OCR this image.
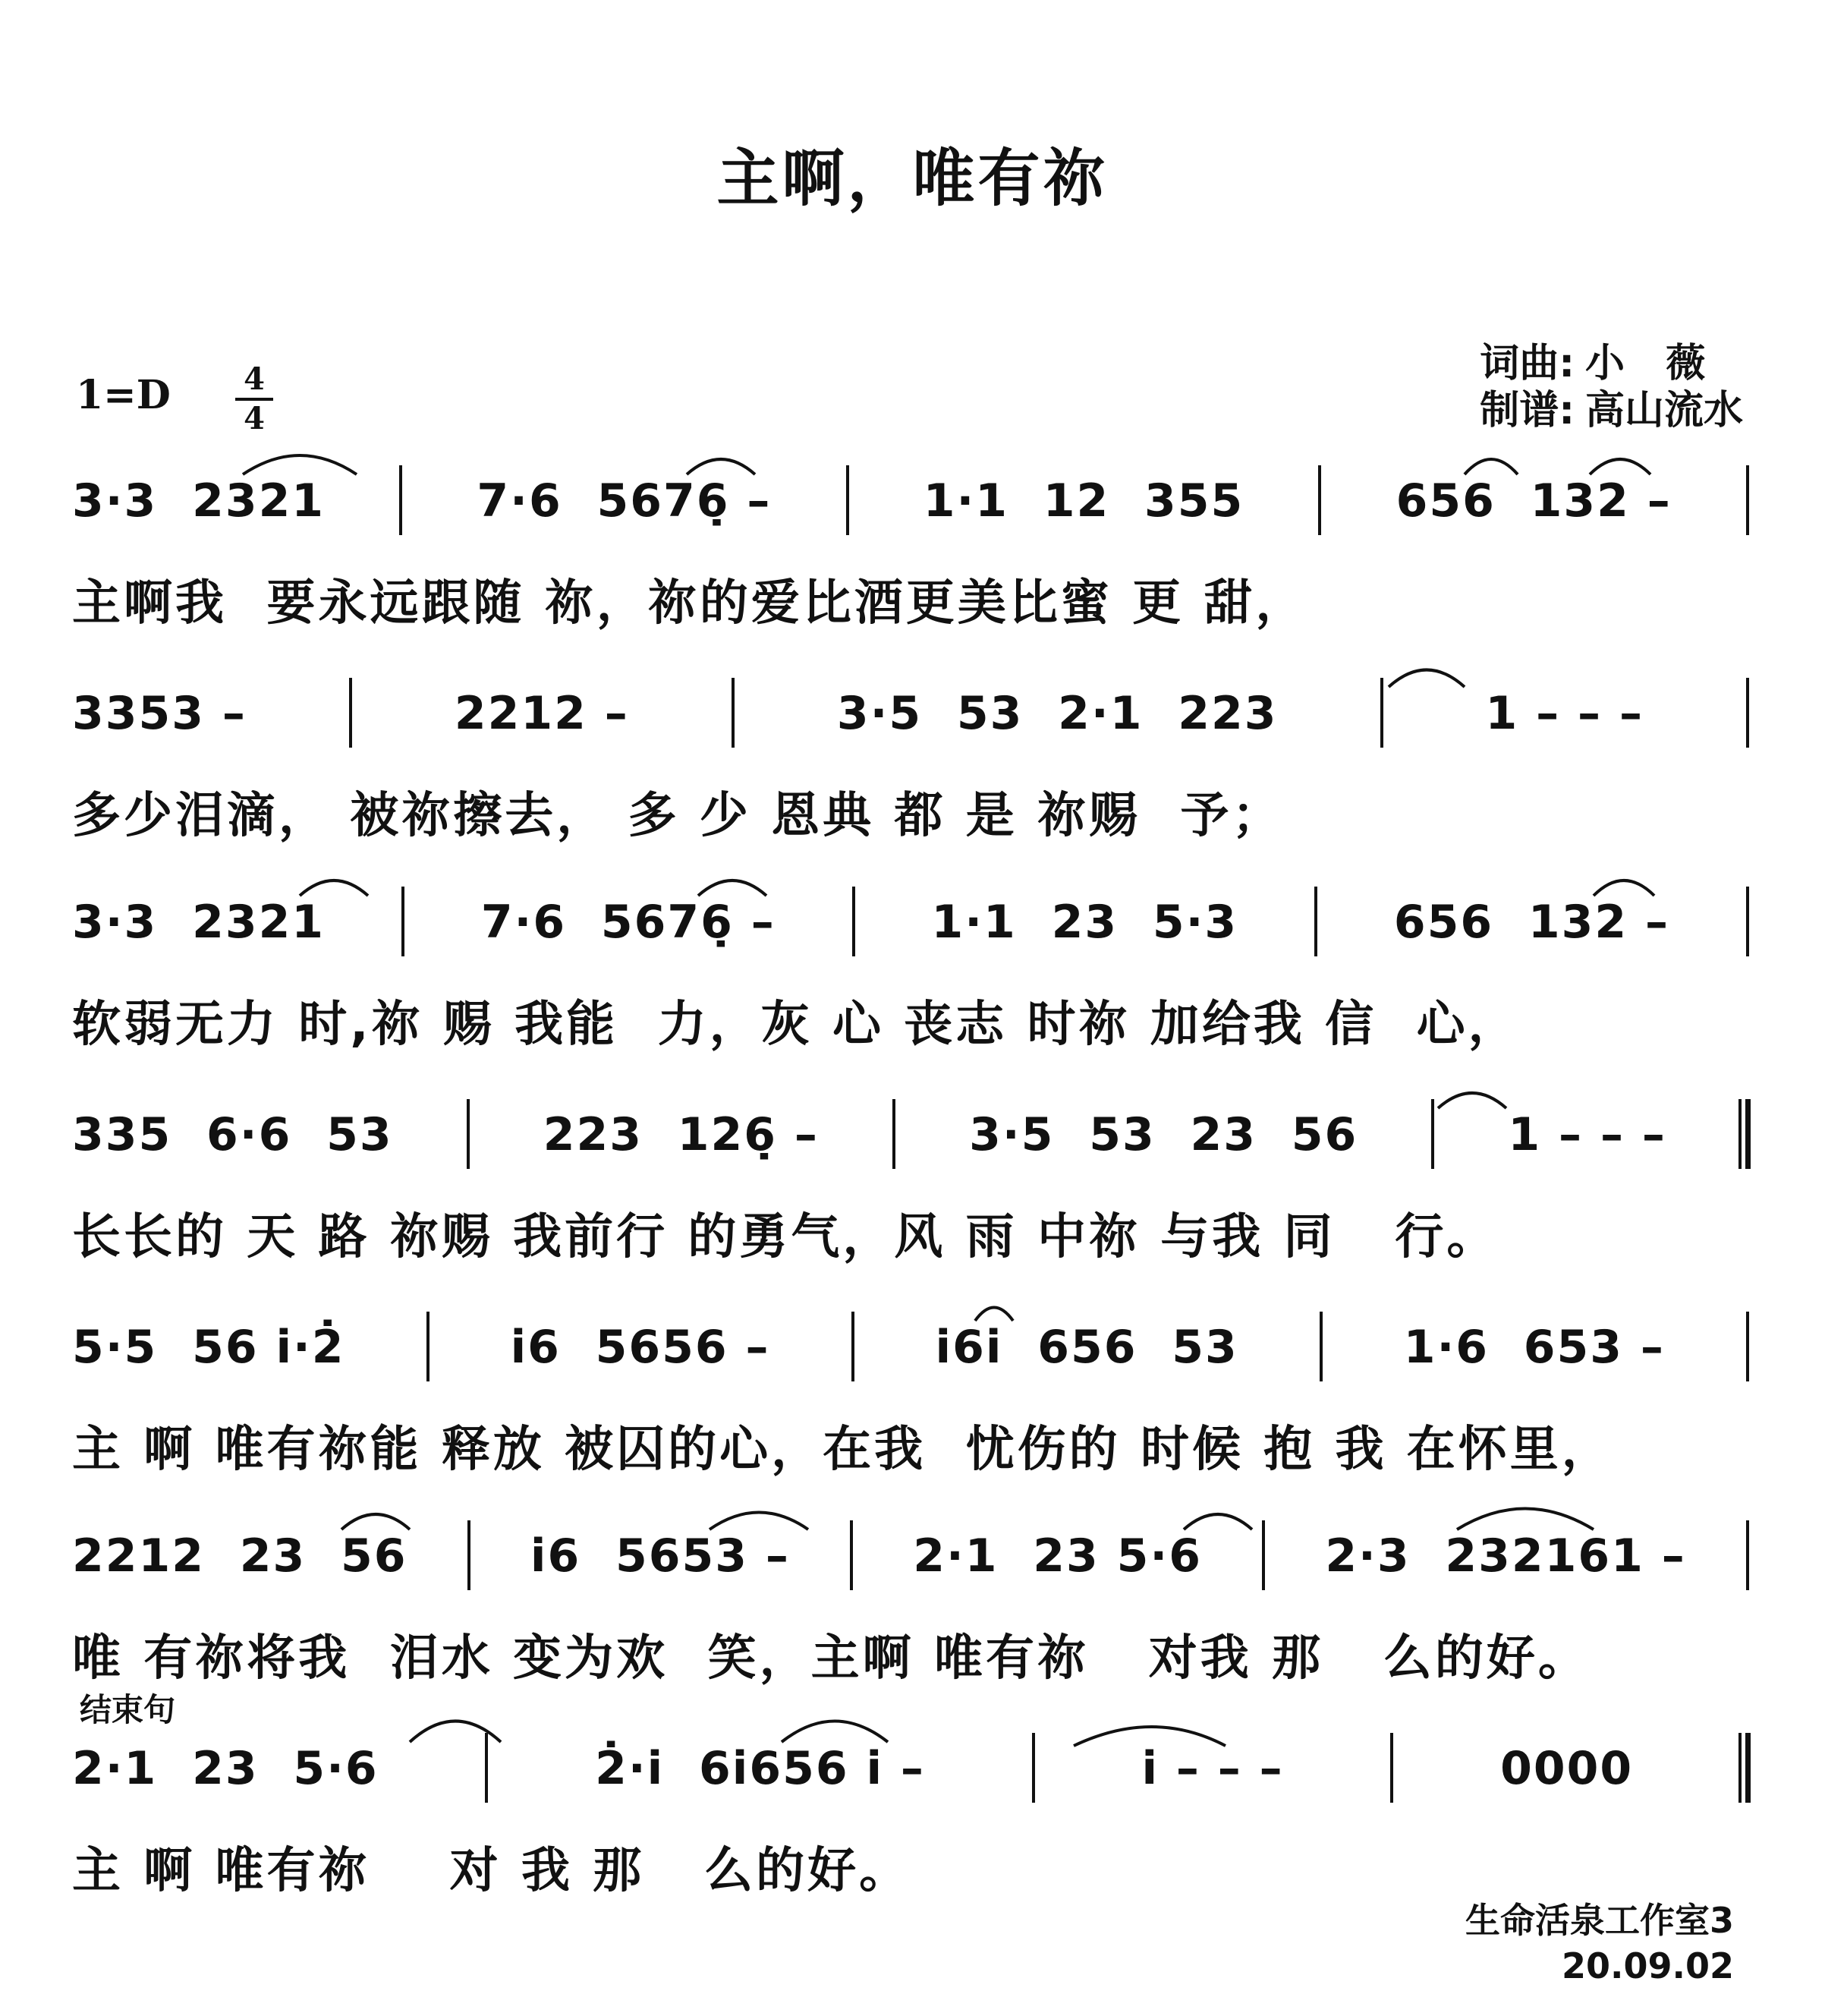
主啊，唯有祢
1=D 4
4
词曲: 小   薇
制谱: 高山流水
3·3  2321	7·6  5676̣ –	1·1  12  355	656  132 –
主啊我  要永远跟随 祢，祢的爱比酒更美比蜜 更 甜，
3353 –	2212 –	3·5  53  2·1  223	1 – – –
多少泪滴， 被祢擦去， 多 少 恩典 都 是 祢赐  予；
3·3  2321	7·6  5676̣ –	1·1  23  5·3	656  132 –
软弱无力 时,祢 赐 我能  力，灰 心 丧志 时祢 加给我 信  心，
335  6·6  53	223  126̣ –	3·5  53  23  56	1 – – –
长长的 天 路 祢赐 我前行 的勇气，风 雨 中祢 与我 同   行。
5·5  56 i·2̇	i6  5656 –	i6i  656  53	1·6  653 –
主 啊 唯有祢能 释放 被囚的心，在我  忧伤的 时候 抱 我 在怀里，
2212  23  56	i6  5653 –	2·1  23 5·6	2·3  232161 –
唯 有祢将我  泪水 变为欢  笑，主啊 唯有祢   对我 那   么的好。
2·1  23  5·6	2̇·i  6i656 i –	i – – –	0000
主 啊 唯有祢    对 我 那   么的好。
结束句
生命活泉工作室3
20.09.02
